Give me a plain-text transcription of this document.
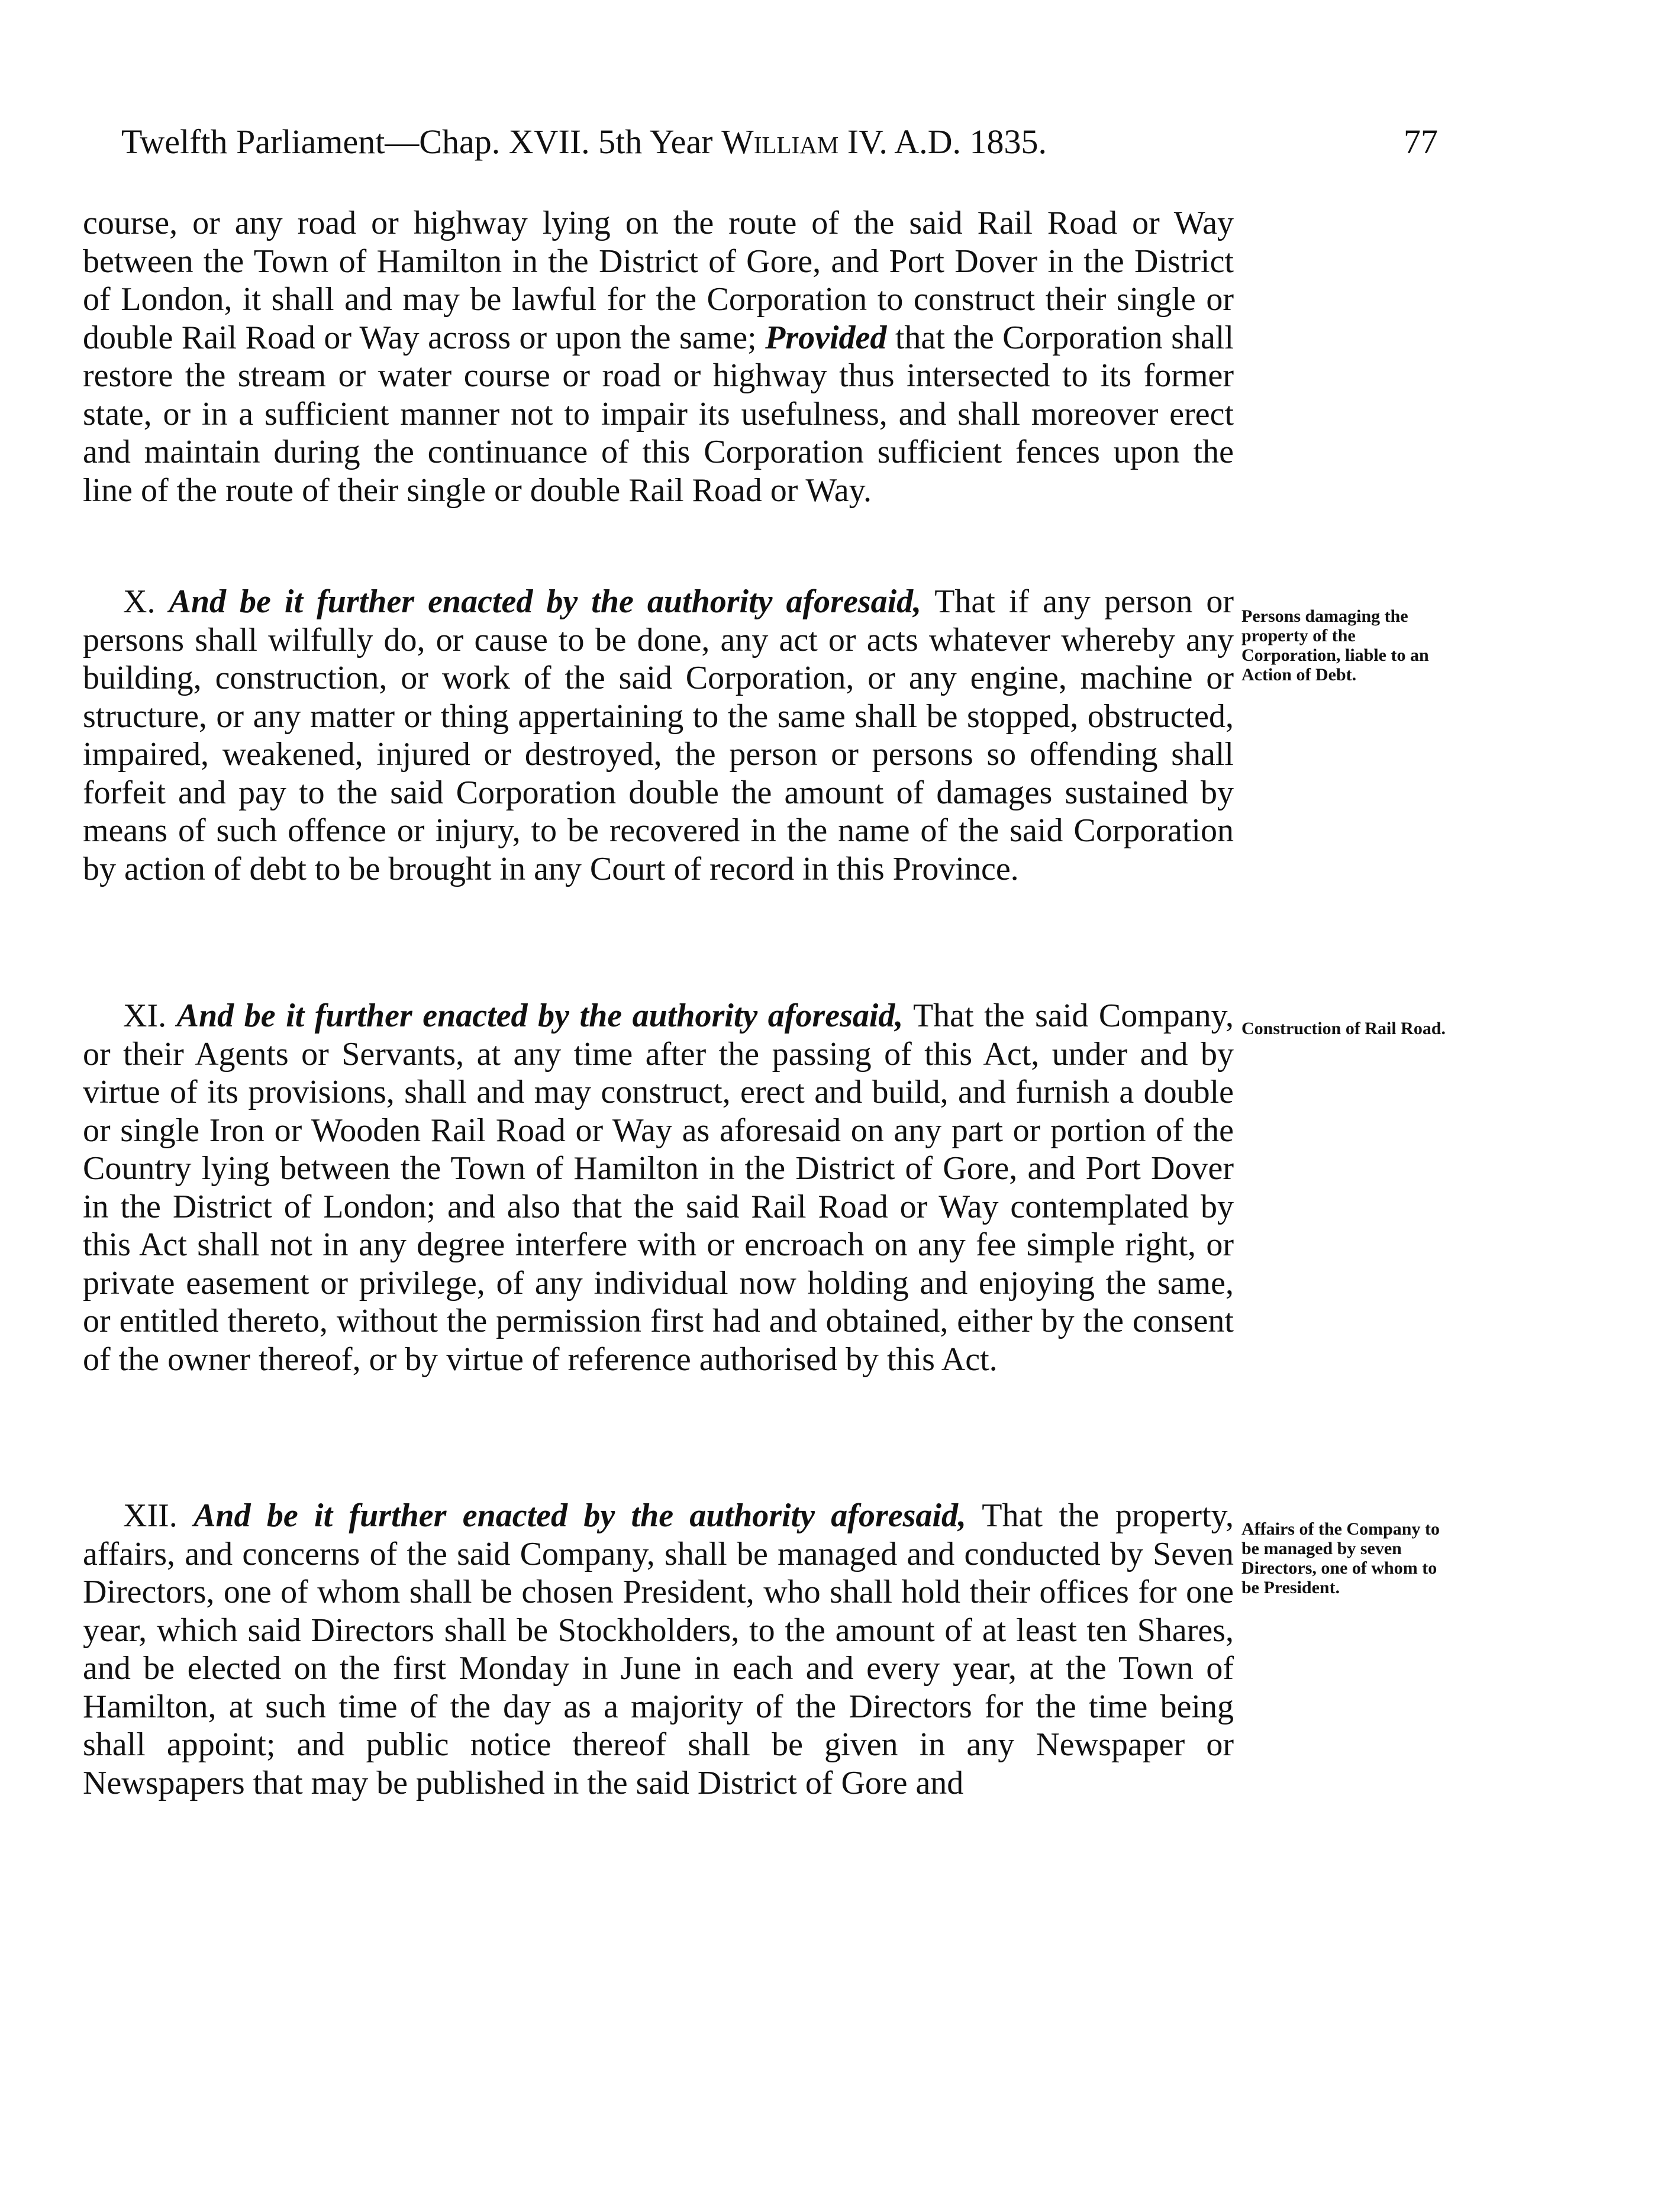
Twelfth Parliament—Chap. XVII. 5th Year William IV. A.D. 1835.	77

course, or any road or highway lying on the route of the said Rail Road or Way between the Town of Hamilton in the District of Gore, and Port Dover in the District of London, it shall and may be lawful for the Corporation to construct their single or double Rail Road or Way across or upon the same; Provided that the Corporation shall restore the stream or water course or road or highway thus intersected to its former state, or in a sufficient manner not to impair its usefulness, and shall moreover erect and maintain during the continuance of this Corporation sufficient fences upon the line of the route of their single or double Rail Road or Way.

X. And be it further enacted by the authority aforesaid, That if any person or persons shall wilfully do, or cause to be done, any act or acts whatever whereby any building, construction, or work of the said Corporation, or any engine, machine or structure, or any matter or thing appertaining to the same shall be stopped, obstructed, impaired, weakened, injured or destroyed, the person or persons so offending shall forfeit and pay to the said Corporation double the amount of damages sustained by means of such offence or injury, to be recovered in the name of the said Corporation by action of debt to be brought in any Court of record in this Province.

Persons damaging the property of the Corporation, liable to an Action of Debt.

XI. And be it further enacted by the authority aforesaid, That the said Company, or their Agents or Servants, at any time after the passing of this Act, under and by virtue of its provisions, shall and may construct, erect and build, and furnish a double or single Iron or Wooden Rail Road or Way as aforesaid on any part or portion of the Country lying between the Town of Hamilton in the District of Gore, and Port Dover in the District of London; and also that the said Rail Road or Way contemplated by this Act shall not in any degree interfere with or encroach on any fee simple right, or private easement or privilege, of any individual now holding and enjoying the same, or entitled thereto, without the permission first had and obtained, either by the consent of the owner thereof, or by virtue of reference authorised by this Act.

Construction of Rail Road.

XII. And be it further enacted by the authority aforesaid, That the property, affairs, and concerns of the said Company, shall be managed and conducted by Seven Directors, one of whom shall be chosen President, who shall hold their offices for one year, which said Directors shall be Stockholders, to the amount of at least ten Shares, and be elected on the first Monday in June in each and every year, at the Town of Hamilton, at such time of the day as a majority of the Directors for the time being shall appoint; and public notice thereof shall be given in any Newspaper or Newspapers that may be published in the said District of Gore and

Affairs of the Company to be managed by seven Directors, one of whom to be President.
